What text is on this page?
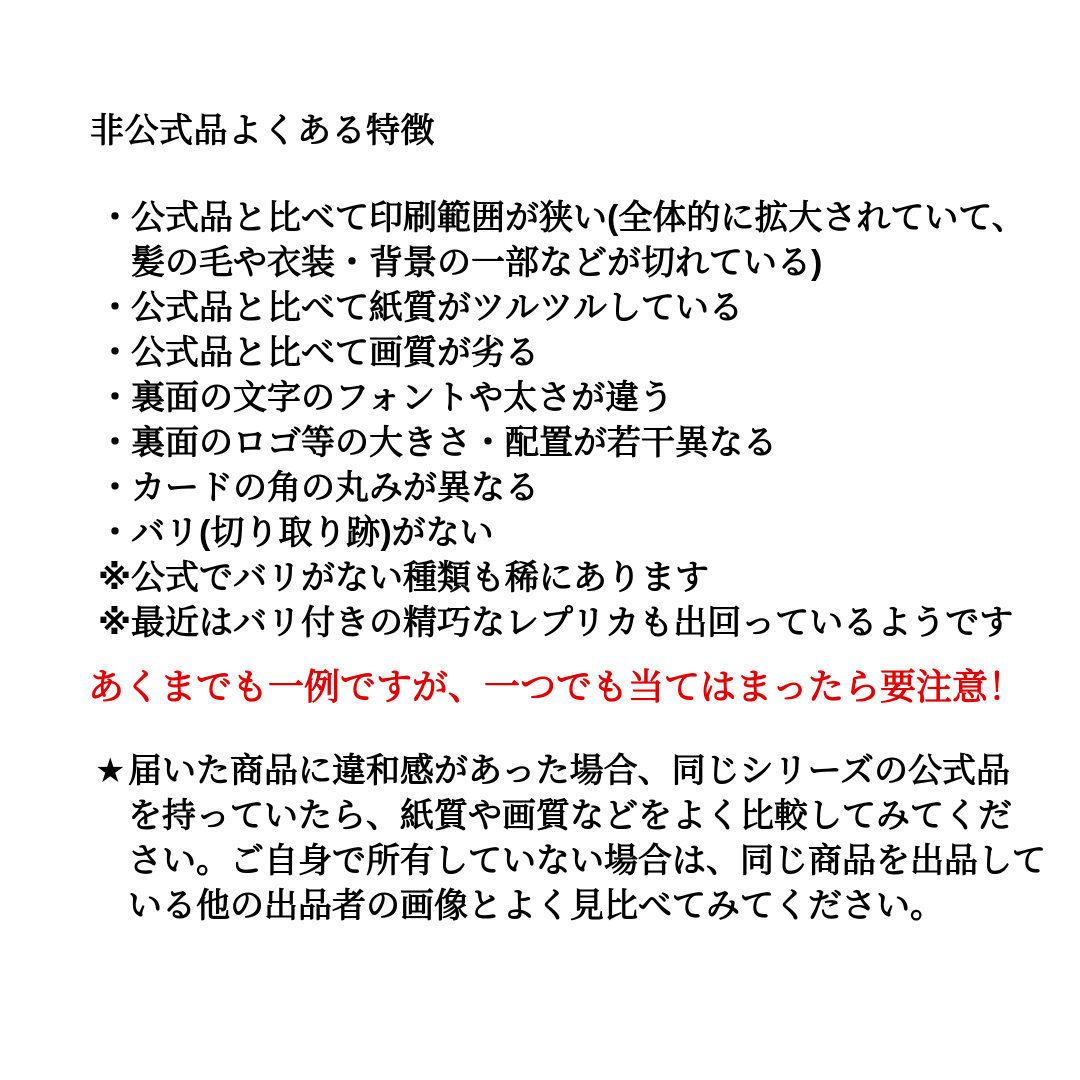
非公式品よくある特徴
・ 公式品と比べて印刷範囲が狭い(全体的に拡大されていて、
髪の毛や衣装・背景の一部などが切れている)
・ 公式品と比べて紙質がツルツルしている
・ 公式品と比べて画質が劣る
・ 裏面の文字のフォントや太さが違う
・ 裏面のロゴ等の大きさ・配置が若干異なる
・ カードの角の丸みが異なる
・ バリ(切り取り跡)がない
※ 公式でバリがない種類も稀にあります
※ 最近はバリ付きの精巧なレプリカも出回っているようです
あくまでも一例ですが、一つでも当てはまったら要注意！
★ 届いた商品に違和感があった場合、同じシリーズの公式品
を持っていたら、紙質や画質などをよく比較してみてくだ
さい。ご自身で所有していない場合は、同じ商品を出品して
いる他の出品者の画像とよく見比べてみてください。
